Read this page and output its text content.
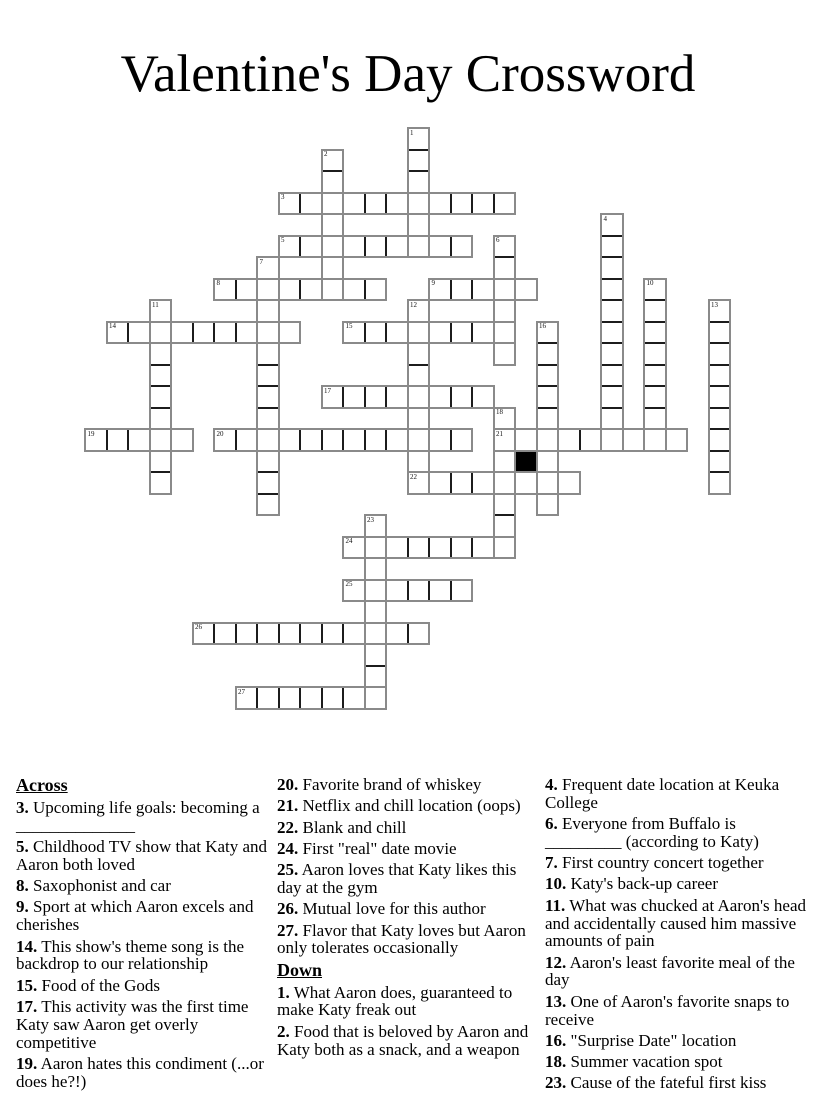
Valentine's Day Crossword
1
2
3
4
5	6
7
8	9	10
11	12
22
13
14	15	16
17
18
21
19	20
23
24
25
26
27

Across

3. Upcoming life goals: becoming a ______________

5. Childhood TV show that Katy and Aaron both loved

8. Saxophonist and car

9. Sport at which Aaron excels and cherishes

14. This show's theme song is the backdrop to our relationship

15. Food of the Gods

17. This activity was the first time Katy saw Aaron get overly competitive

19. Aaron hates this condiment (...or does he?!)

20. Favorite brand of whiskey

21. Netflix and chill location (oops)

22. Blank and chill

24. First "real" date movie

25. Aaron loves that Katy likes this day at the gym

26. Mutual love for this author

27. Flavor that Katy loves but Aaron only tolerates occasionally

Down

1. What Aaron does, guaranteed to make Katy freak out

2. Food that is beloved by Aaron and Katy both as a snack, and a weapon

4. Frequent date location at Keuka College

6. Everyone from Buffalo is _________ (according to Katy)

7. First country concert together

10. Katy's back-up career

11. What was chucked at Aaron's head and accidentally caused him massive amounts of pain

12. Aaron's least favorite meal of the day

13. One of Aaron's favorite snaps to receive

16. "Surprise Date" location

18. Summer vacation spot

23. Cause of the fateful first kiss
